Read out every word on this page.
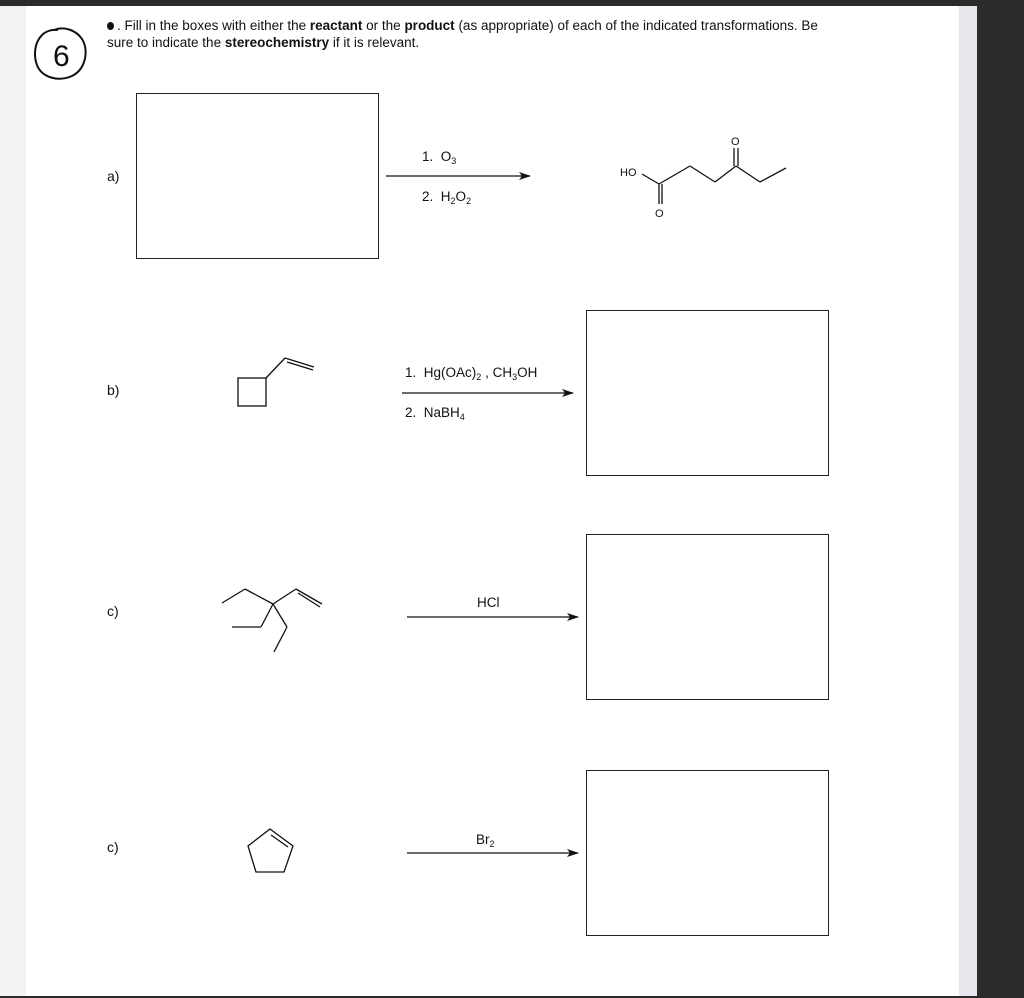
6
. Fill in the boxes with either the reactant or the product (as appropriate) of each of the indicated transformations. Be sure to indicate the stereochemistry if it is relevant.
a)
1. $O_3$
2. $H_2O_2$
b)
1. $Hg(OAc)_2$ , $CH_3OH$
2. NaBH$_4$
c)
HCl
c)	$Br_2$
HO
O
O
